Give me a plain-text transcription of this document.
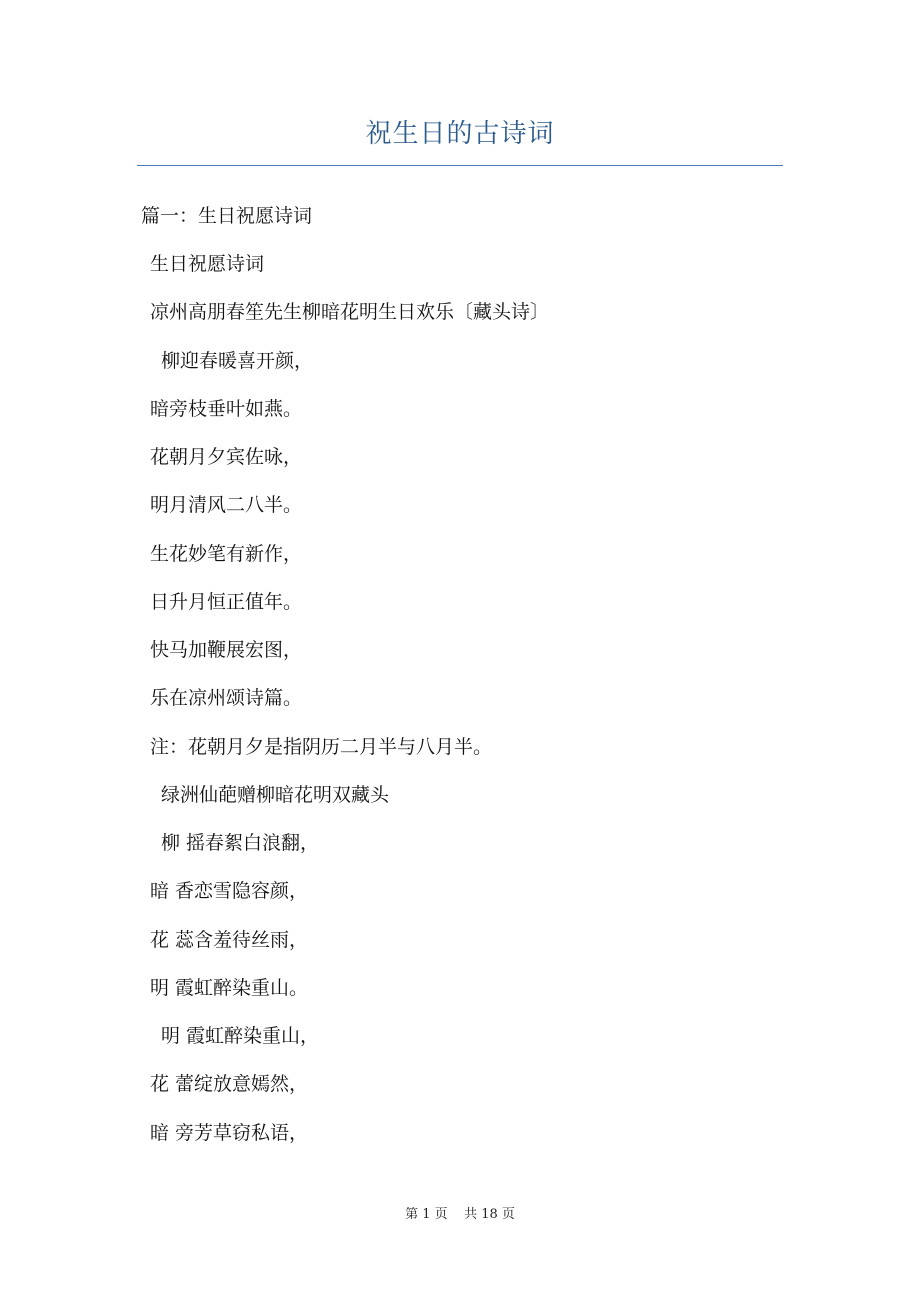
祝生日的古诗词
篇一：生日祝愿诗词
生日祝愿诗词
凉州高朋春笙先生柳暗花明生日欢乐〔藏头诗〕
柳迎春暖喜开颜，
暗旁枝垂叶如燕。
花朝月夕宾佐咏，
明月清风二八半。
生花妙笔有新作，
日升月恒正值年。
快马加鞭展宏图，
乐在凉州颂诗篇。
注：花朝月夕是指阴历二月半与八月半。
绿洲仙葩赠柳暗花明双藏头
柳 摇春絮白浪翻，
暗 香恋雪隐容颜，
花 蕊含羞待丝雨，
明 霞虹醉染重山。
明 霞虹醉染重山，
花 蕾绽放意嫣然，
暗 旁芳草窃私语，
第 1 页    共 18 页
